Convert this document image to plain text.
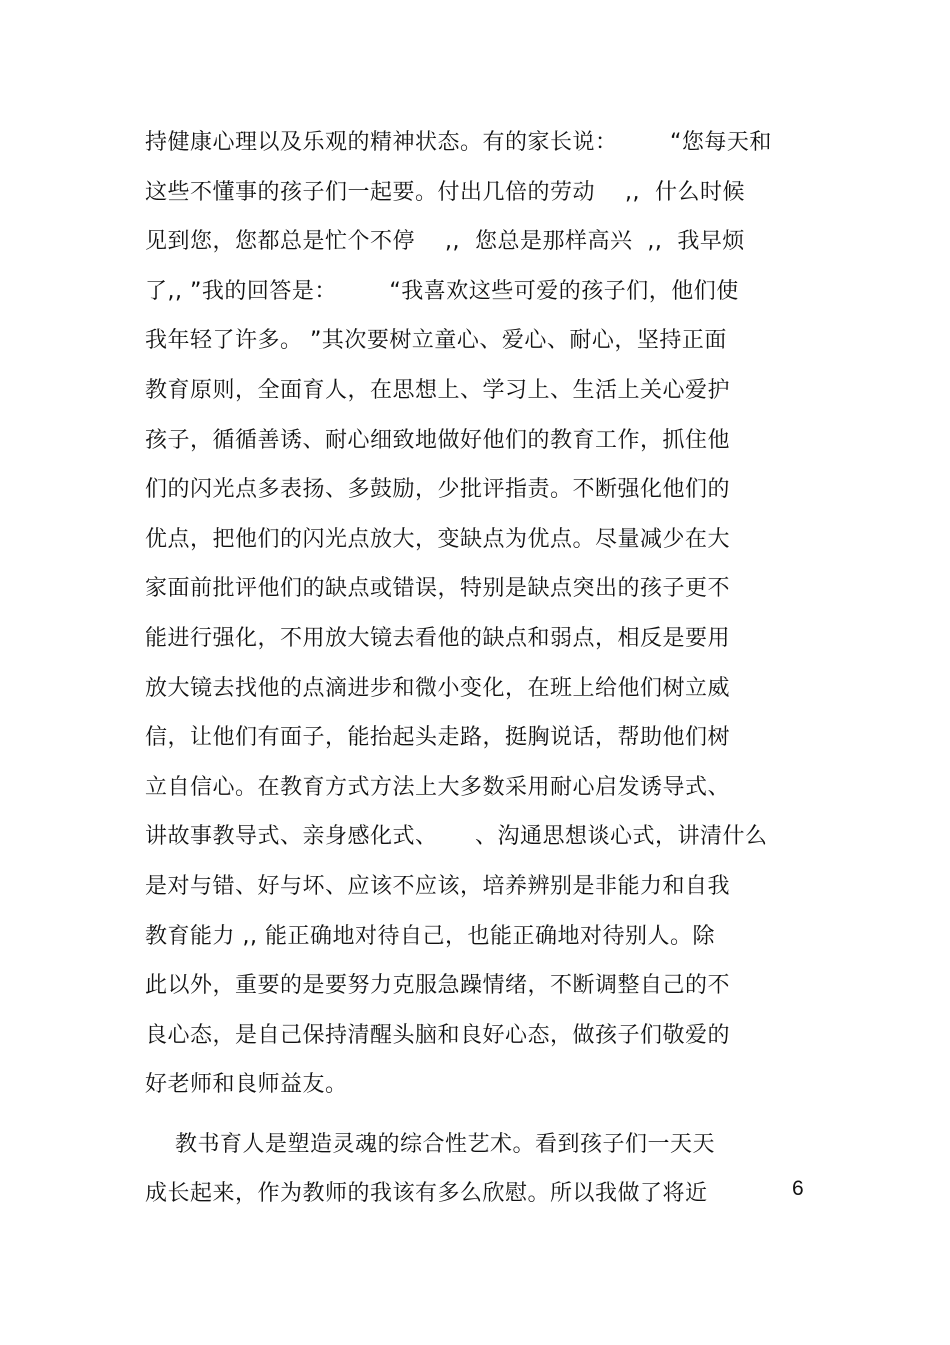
持健康心理以及乐观的精神状态。有的家长说：       “您每天和
这些不懂事的孩子们一起要。付出几倍的劳动    ,,  什么时候
见到您，您都总是忙个不停    ,,  您总是那样高兴  ,,  我早烦
了,, ”我的回答是：       “我喜欢这些可爱的孩子们，他们使
我年轻了许多。 ”其次要树立童心、爱心、耐心，坚持正面
教育原则，全面育人，在思想上、学习上、生活上关心爱护
孩子，循循善诱、耐心细致地做好他们的教育工作，抓住他
们的闪光点多表扬、多鼓励，少批评指责。不断强化他们的
优点，把他们的闪光点放大，变缺点为优点。尽量减少在大
家面前批评他们的缺点或错误，特别是缺点突出的孩子更不
能进行强化，不用放大镜去看他的缺点和弱点，相反是要用
放大镜去找他的点滴进步和微小变化，在班上给他们树立威
信，让他们有面子，能抬起头走路，挺胸说话，帮助他们树
立自信心。在教育方式方法上大多数采用耐心启发诱导式、
讲故事教导式、亲身感化式、     、沟通思想谈心式，讲清什么
是对与错、好与坏、应该不应该，培养辨别是非能力和自我
教育能力 ,, 能正确地对待自己，也能正确地对待别人。除
此以外，重要的是要努力克服急躁情绪，不断调整自己的不
良心态，是自己保持清醒头脑和良好心态，做孩子们敬爱的
好老师和良师益友。
教书育人是塑造灵魂的综合性艺术。看到孩子们一天天
成长起来，作为教师的我该有多么欣慰。所以我做了将近	6
